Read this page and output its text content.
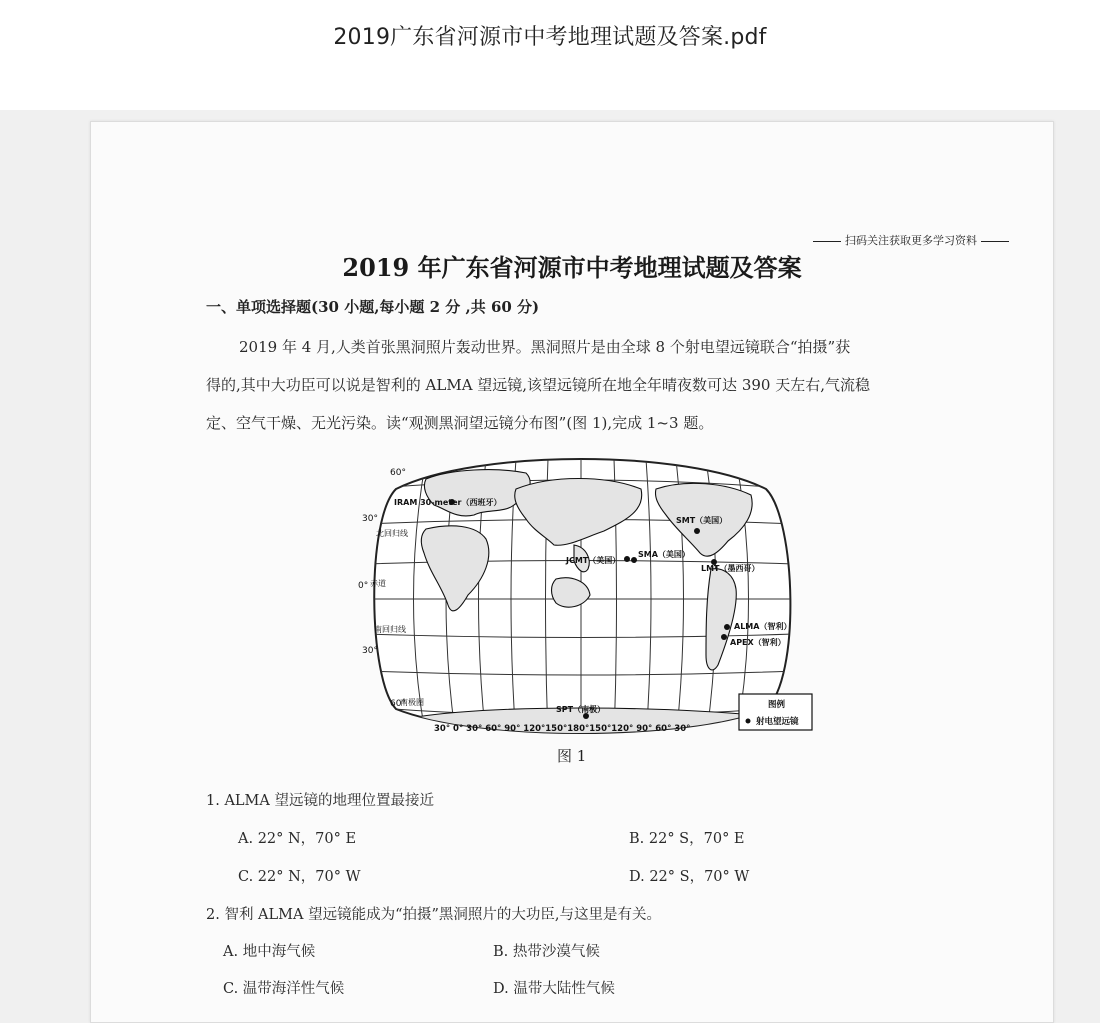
2019广东省河源市中考地理试题及答案.pdf
扫码关注获取更多学习资料
2019 年广东省河源市中考地理试题及答案
一、单项选择题(30 小题,每小题 2 分 ,共 60 分)
2019 年 4 月,人类首张黑洞照片轰动世界。黑洞照片是由全球 8 个射电望远镜联合“拍摄”获
得的,其中大功臣可以说是智利的 ALMA 望远镜,该望远镜所在地全年晴夜数可达 390 天左右,气流稳
定、空气干燥、无光污染。读“观测黑洞望远镜分布图”(图 1),完成 1~3 题。
60°
30°
0°
30°
60°
北回归线
赤道
南回归线
南极圈
IRAM 30-meter（西班牙）
SMT（美国）
JCMT（美国）
SMA（美国）
LMT（墨西哥）
ALMA（智利）
APEX（智利）
SPT（南极）
30° 0° 30° 60° 90° 120°150°180°150°120° 90° 60° 30°
图例
射电望远镜
图 1
1. ALMA 望远镜的地理位置最接近
A. 22° N，70° E	B. 22° S，70° E
C. 22° N，70° W	D. 22° S，70° W
2. 智利 ALMA 望远镜能成为“拍摄”黑洞照片的大功臣,与这里是有关。
A. 地中海气候	B. 热带沙漠气候
C. 温带海洋性气候	D. 温带大陆性气候
